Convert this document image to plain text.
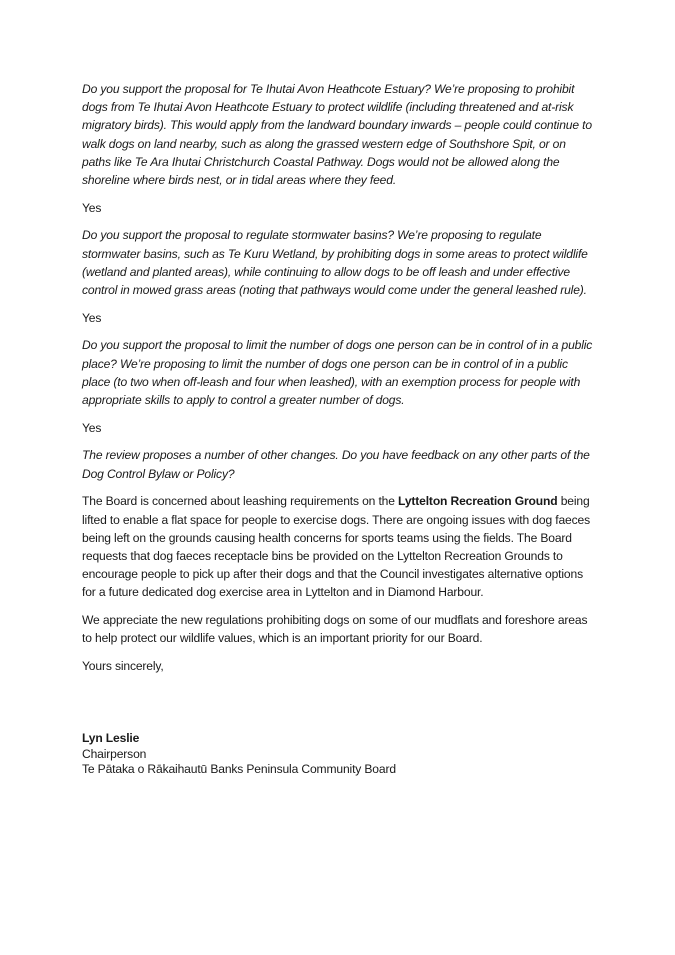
Do you support the proposal for Te Ihutai Avon Heathcote Estuary? We’re proposing to prohibit dogs from Te Ihutai Avon Heathcote Estuary to protect wildlife (including threatened and at-risk migratory birds). This would apply from the landward boundary inwards – people could continue to walk dogs on land nearby, such as along the grassed western edge of Southshore Spit, or on paths like Te Ara Ihutai Christchurch Coastal Pathway. Dogs would not be allowed along the shoreline where birds nest, or in tidal areas where they feed.

Yes

Do you support the proposal to regulate stormwater basins? We’re proposing to regulate stormwater basins, such as Te Kuru Wetland, by prohibiting dogs in some areas to protect wildlife (wetland and planted areas), while continuing to allow dogs to be off leash and under effective control in mowed grass areas (noting that pathways would come under the general leashed rule).

Yes

Do you support the proposal to limit the number of dogs one person can be in control of in a public place? We’re proposing to limit the number of dogs one person can be in control of in a public place (to two when off-leash and four when leashed), with an exemption process for people with appropriate skills to apply to control a greater number of dogs.

Yes

The review proposes a number of other changes. Do you have feedback on any other parts of the Dog Control Bylaw or Policy?

The Board is concerned about leashing requirements on the Lyttelton Recreation Ground being lifted to enable a flat space for people to exercise dogs. There are ongoing issues with dog faeces being left on the grounds causing health concerns for sports teams using the fields. The Board requests that dog faeces receptacle bins be provided on the Lyttelton Recreation Grounds to encourage people to pick up after their dogs and that the Council investigates alternative options for a future dedicated dog exercise area in Lyttelton and in Diamond Harbour.

We appreciate the new regulations prohibiting dogs on some of our mudflats and foreshore areas to help protect our wildlife values, which is an important priority for our Board.

Yours sincerely,

Lyn Leslie

Chairperson

Te Pātaka o Rākaihautū Banks Peninsula Community Board
